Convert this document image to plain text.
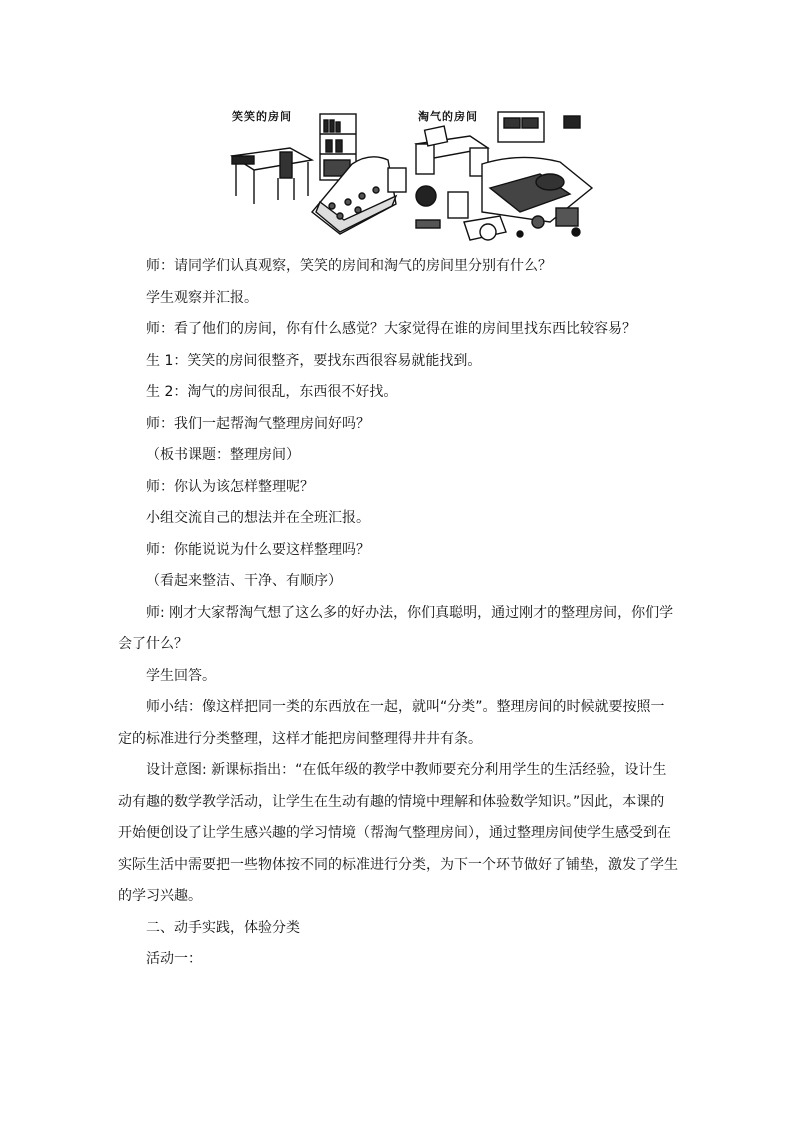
笑笑的房间	淘气的房间

师：请同学们认真观察，笑笑的房间和淘气的房间里分别有什么？

学生观察并汇报。

师：看了他们的房间，你有什么感觉？大家觉得在谁的房间里找东西比较容易？

生 1：笑笑的房间很整齐，要找东西很容易就能找到。

生 2：淘气的房间很乱，东西很不好找。

师：我们一起帮淘气整理房间好吗？

（板书课题：整理房间）

师：你认为该怎样整理呢？

小组交流自己的想法并在全班汇报。

师：你能说说为什么要这样整理吗？

（看起来整洁、干净、有顺序）

师: 刚才大家帮淘气想了这么多的好办法，你们真聪明，通过刚才的整理房间，你们学

会了什么？

学生回答。

师小结：像这样把同一类的东西放在一起，就叫“分类”。整理房间的时候就要按照一

定的标准进行分类整理，这样才能把房间整理得井井有条。

设计意图: 新课标指出：“在低年级的教学中教师要充分利用学生的生活经验，设计生

动有趣的数学教学活动，让学生在生动有趣的情境中理解和体验数学知识。”因此，本课的

开始便创设了让学生感兴趣的学习情境（帮淘气整理房间），通过整理房间使学生感受到在

实际生活中需要把一些物体按不同的标准进行分类，为下一个环节做好了铺垫，激发了学生

的学习兴趣。

二、动手实践，体验分类

活动一：
